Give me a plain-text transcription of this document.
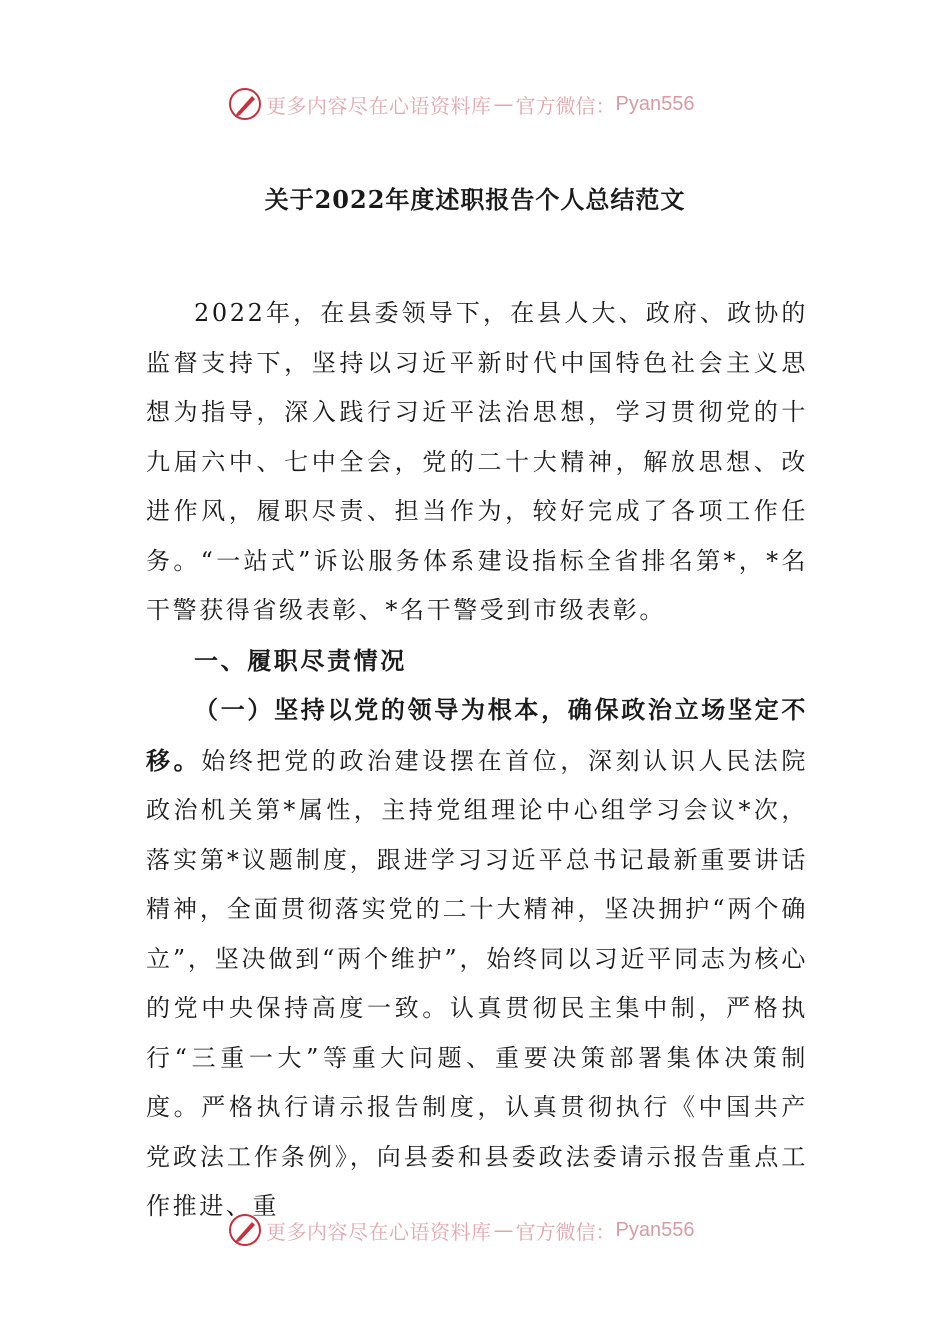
更多内容尽在心语资料库 — 官方微信： Pyan556
关于2022年度述职报告个人总结范文

2022年，在县委领导下，在县人大、政府、政协的监督支持下，坚持以习近平新时代中国特色社会主义思想为指导，深入践行习近平法治思想，学习贯彻党的十九届六中、七中全会，党的二十大精神，解放思想、改进作风，履职尽责、担当作为，较好完成了各项工作任务。“一站式”诉讼服务体系建设指标全省排名第*，*名干警获得省级表彰、*名干警受到市级表彰。

一、履职尽责情况

（一）坚持以党的领导为根本，确保政治立场坚定不移。始终把党的政治建设摆在首位，深刻认识人民法院政治机关第*属性，主持党组理论中心组学习会议*次，落实第*议题制度，跟进学习习近平总书记最新重要讲话精神，全面贯彻落实党的二十大精神，坚决拥护“两个确立”，坚决做到“两个维护”，始终同以习近平同志为核心的党中央保持高度一致。认真贯彻民主集中制，严格执行“三重一大”等重大问题、重要决策部署集体决策制度。严格执行请示报告制度，认真贯彻执行《中国共产党政法工作条例》，向县委和县委政法委请示报告重点工作推进、重

更多内容尽在心语资料库 — 官方微信： Pyan556
